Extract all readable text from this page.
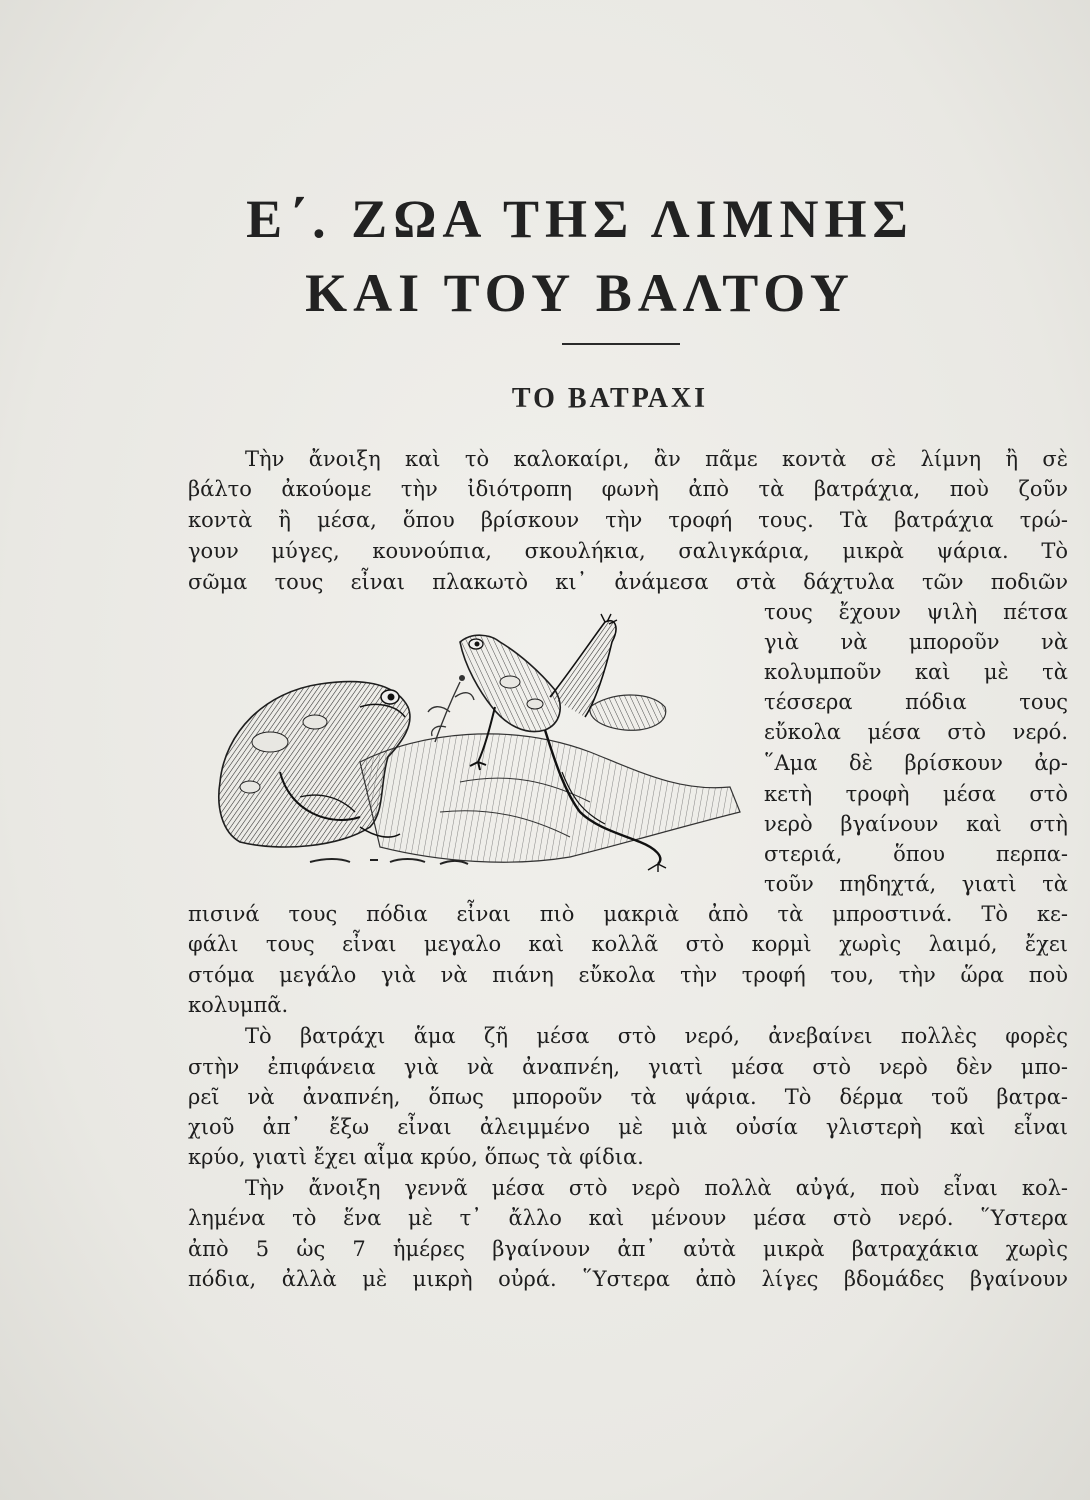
Ε΄. ΖΩΑ ΤΗΣ ΛΙΜΝΗΣ
ΚΑΙ ΤΟΥ ΒΑΛΤΟΥ
ΤΟ ΒΑΤΡΑΧΙ

Τὴν ἄνοιξη καὶ τὸ καλοκαίρι, ἂν πᾶμε κοντὰ σὲ λίμνη ἢ σὲ

βάλτο ἀκούομε τὴν ἰδιότροπη φωνὴ ἀπὸ τὰ βατράχια, ποὺ ζοῦν

κοντὰ ἢ μέσα, ὅπου βρίσκουν τὴν τροφή τους. Τὰ βατράχια τρώ-

γουν μύγες, κουνούπια, σκουλήκια, σαλιγκάρια, μικρὰ ψάρια. Τὸ

σῶμα τους εἶναι πλακωτὸ κι᾿ ἀνάμεσα στὰ δάχτυλα τῶν ποδιῶν

τους ἔχουν ψιλὴ πέτσα

γιὰ νὰ μποροῦν νὰ

κολυμποῦν καὶ μὲ τὰ

τέσσερα πόδια τους

εὔκολα μέσα στὸ νερό.

῞Αμα δὲ βρίσκουν ἀρ-

κετὴ τροφὴ μέσα στὸ

νερὸ βγαίνουν καὶ στὴ

στεριά, ὅπου περπα-

τοῦν πηδηχτά, γιατὶ τὰ

πισινά τους πόδια εἶναι πιὸ μακριὰ ἀπὸ τὰ μπροστινά. Τὸ κε-

φάλι τους εἶναι μεγαλο καὶ κολλᾶ στὸ κορμὶ χωρὶς λαιμό, ἔχει

στόμα μεγάλο γιὰ νὰ πιάνη εὔκολα τὴν τροφή του, τὴν ὥρα ποὺ

κολυμπᾶ.

Τὸ βατράχι ἅμα ζῆ μέσα στὸ νερό, ἀνεβαίνει πολλὲς φορὲς

στὴν ἐπιφάνεια γιὰ νὰ ἀναπνέη, γιατὶ μέσα στὸ νερὸ δὲν μπο-

ρεῖ νὰ ἀναπνέη, ὅπως μποροῦν τὰ ψάρια. Τὸ δέρμα τοῦ βατρα-

χιοῦ ἀπ᾿ ἔξω εἶναι ἀλειμμένο μὲ μιὰ οὐσία γλιστερὴ καὶ εἶναι

κρύο, γιατὶ ἔχει αἷμα κρύο, ὅπως τὰ φίδια.

Τὴν ἄνοιξη γεννᾶ μέσα στὸ νερὸ πολλὰ αὐγά, ποὺ εἶναι κολ-

λημένα τὸ ἕνα μὲ τ᾿ ἄλλο καὶ μένουν μέσα στὸ νερό. ῞Υστερα

ἀπὸ 5 ὡς 7 ἡμέρες βγαίνουν ἀπ᾿ αὐτὰ μικρὰ βατραχάκια χωρὶς

πόδια, ἀλλὰ μὲ μικρὴ οὐρά. ῞Υστερα ἀπὸ λίγες βδομάδες βγαίνουν
